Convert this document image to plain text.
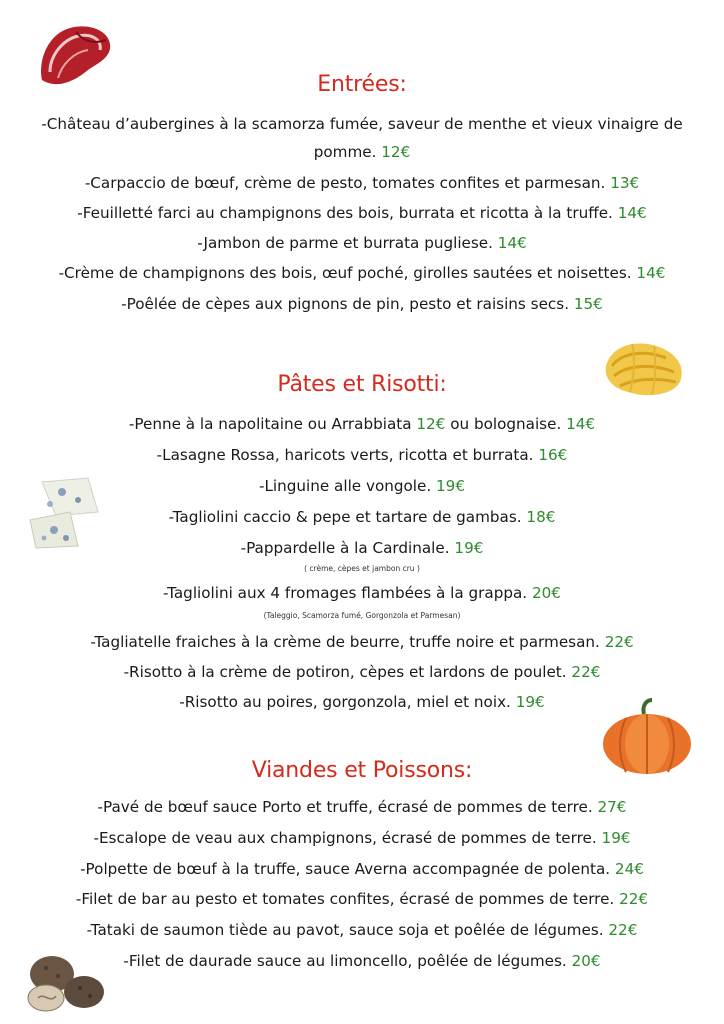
Entrées:
-Château d’aubergines à la scamorza fumée, saveur de menthe et vieux vinaigre de
pomme. 12€
-Carpaccio de bœuf, crème de pesto, tomates confites et parmesan. 13€
-Feuilletté farci au champignons des bois, burrata et ricotta à la truffe. 14€
-Jambon de parme et burrata pugliese. 14€
-Crème de champignons des bois, œuf poché, girolles sautées et noisettes. 14€
-Poêlée de cèpes aux pignons de pin, pesto et raisins secs. 15€
Pâtes et Risotti:
-Penne à la napolitaine ou Arrabbiata 12€ ou bolognaise. 14€
-Lasagne Rossa, haricots verts, ricotta et burrata. 16€
-Linguine alle vongole. 19€
-Tagliolini caccio & pepe et tartare de gambas. 18€
-Pappardelle à la Cardinale. 19€
( crème, cèpes et jambon cru )
-Tagliolini aux 4 fromages flambées à la grappa. 20€
(Taleggio, Scamorza fumé, Gorgonzola et Parmesan)
-Tagliatelle fraiches à la crème de beurre, truffe noire et parmesan. 22€
-Risotto à la crème de potiron, cèpes et lardons de poulet. 22€
-Risotto au poires, gorgonzola, miel et noix. 19€
Viandes et Poissons:
-Pavé de bœuf sauce Porto et truffe, écrasé de pommes de terre. 27€
-Escalope de veau aux champignons, écrasé de pommes de terre. 19€
-Polpette de bœuf à la truffe, sauce Averna accompagnée de polenta. 24€
-Filet de bar au pesto et tomates confites, écrasé de pommes de terre. 22€
-Tataki de saumon tiède au pavot, sauce soja et poêlée de légumes. 22€
-Filet de daurade sauce au limoncello, poêlée de légumes. 20€
